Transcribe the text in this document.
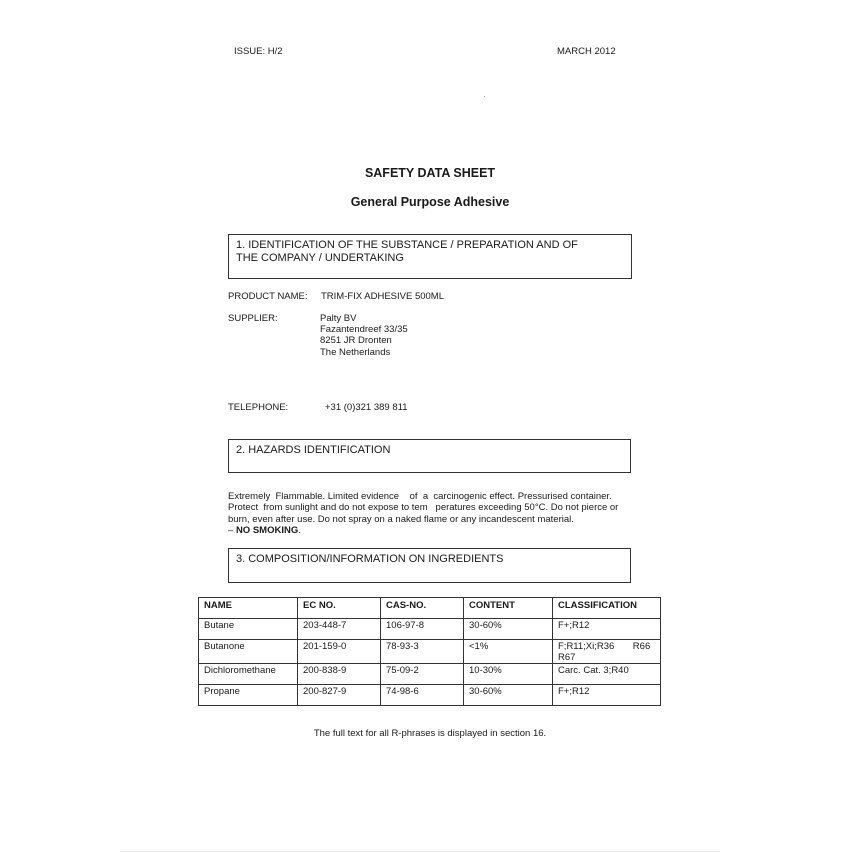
ISSUE: H/2	MARCH 2012
SAFETY DATA SHEET
General Purpose Adhesive
1. IDENTIFICATION OF THE SUBSTANCE / PREPARATION AND OF
THE COMPANY / UNDERTAKING
PRODUCT NAME: TRIM-FIX ADHESIVE 500ML
SUPPLIER:	Palty BV
Fazantendreef 33/35
8251 JR Dronten
The Netherlands
TELEPHONE:	+31 (0)321 389 811
2. HAZARDS IDENTIFICATION
Extremely  Flammable. Limited evidence    of  a  carcinogenic effect. Pressurised container.
Protect  from sunlight and do not expose to tem   peratures exceeding 50°C. Do not pierce or
burn, even after use. Do not spray on a naked flame or any incandescent material.
– NO SMOKING.
3. COMPOSITION/INFORMATION ON INGREDIENTS
NAME	EC NO.	CAS-NO.	CONTENT	CLASSIFICATION
Butane	203-448-7	106-97-8	30-60%	F+;R12
Butanone	201-159-0	78-93-3	<1%	F;R11;Xi;R36       R66 R67
Dichloromethane	200-838-9	75-09-2	10-30%	Carc. Cat. 3;R40
Propane	200-827-9	74-98-6	30-60%	F+;R12
The full text for all R-phrases is displayed in section 16.
